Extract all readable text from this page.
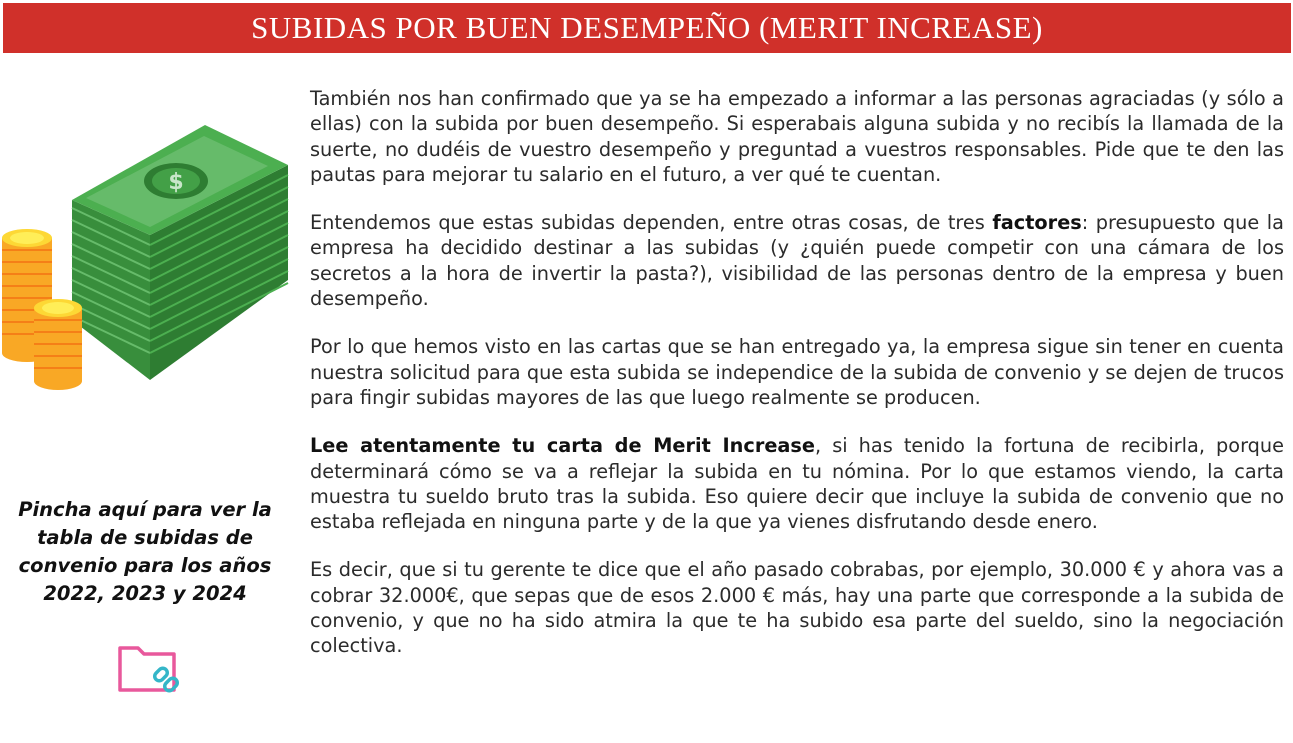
SUBIDAS POR BUEN DESEMPEÑO (MERIT INCREASE)
$

También nos han confirmado que ya se ha empezado a informar a las personas agraciadas (y sólo a ellas) con la subida por buen desempeño. Si esperabais alguna subida y no recibís la llamada de la suerte, no dudéis de vuestro desempeño y preguntad a vuestros responsables. Pide que te den las pautas para mejorar tu salario en el futuro, a ver qué te cuentan.

Entendemos que estas subidas dependen, entre otras cosas, de tres factores: presupuesto que la empresa ha decidido destinar a las subidas (y ¿quién puede competir con una cámara de los secretos a la hora de invertir la pasta?), visibilidad de las personas dentro de la empresa y buen desempeño.

Por lo que hemos visto en las cartas que se han entregado ya, la empresa sigue sin tener en cuenta nuestra solicitud para que esta subida se independice de la subida de convenio y se dejen de trucos para fingir subidas mayores de las que luego realmente se producen.

Lee atentamente tu carta de Merit Increase, si has tenido la fortuna de recibirla, porque determinará cómo se va a reflejar la subida en tu nómina. Por lo que estamos viendo, la carta muestra tu sueldo bruto tras la subida. Eso quiere decir que incluye la subida de convenio que no estaba reflejada en ninguna parte y de la que ya vienes disfrutando desde enero.

Es decir, que si tu gerente te dice que el año pasado cobrabas, por ejemplo, 30.000 € y ahora vas a cobrar 32.000€, que sepas que de esos 2.000 € más, hay una parte que corresponde a la subida de convenio, y que no ha sido atmira la que te ha subido esa parte del sueldo, sino la negociación colectiva.

Pincha aquí para ver la tabla de subidas de convenio para los años 2022, 2023 y 2024
